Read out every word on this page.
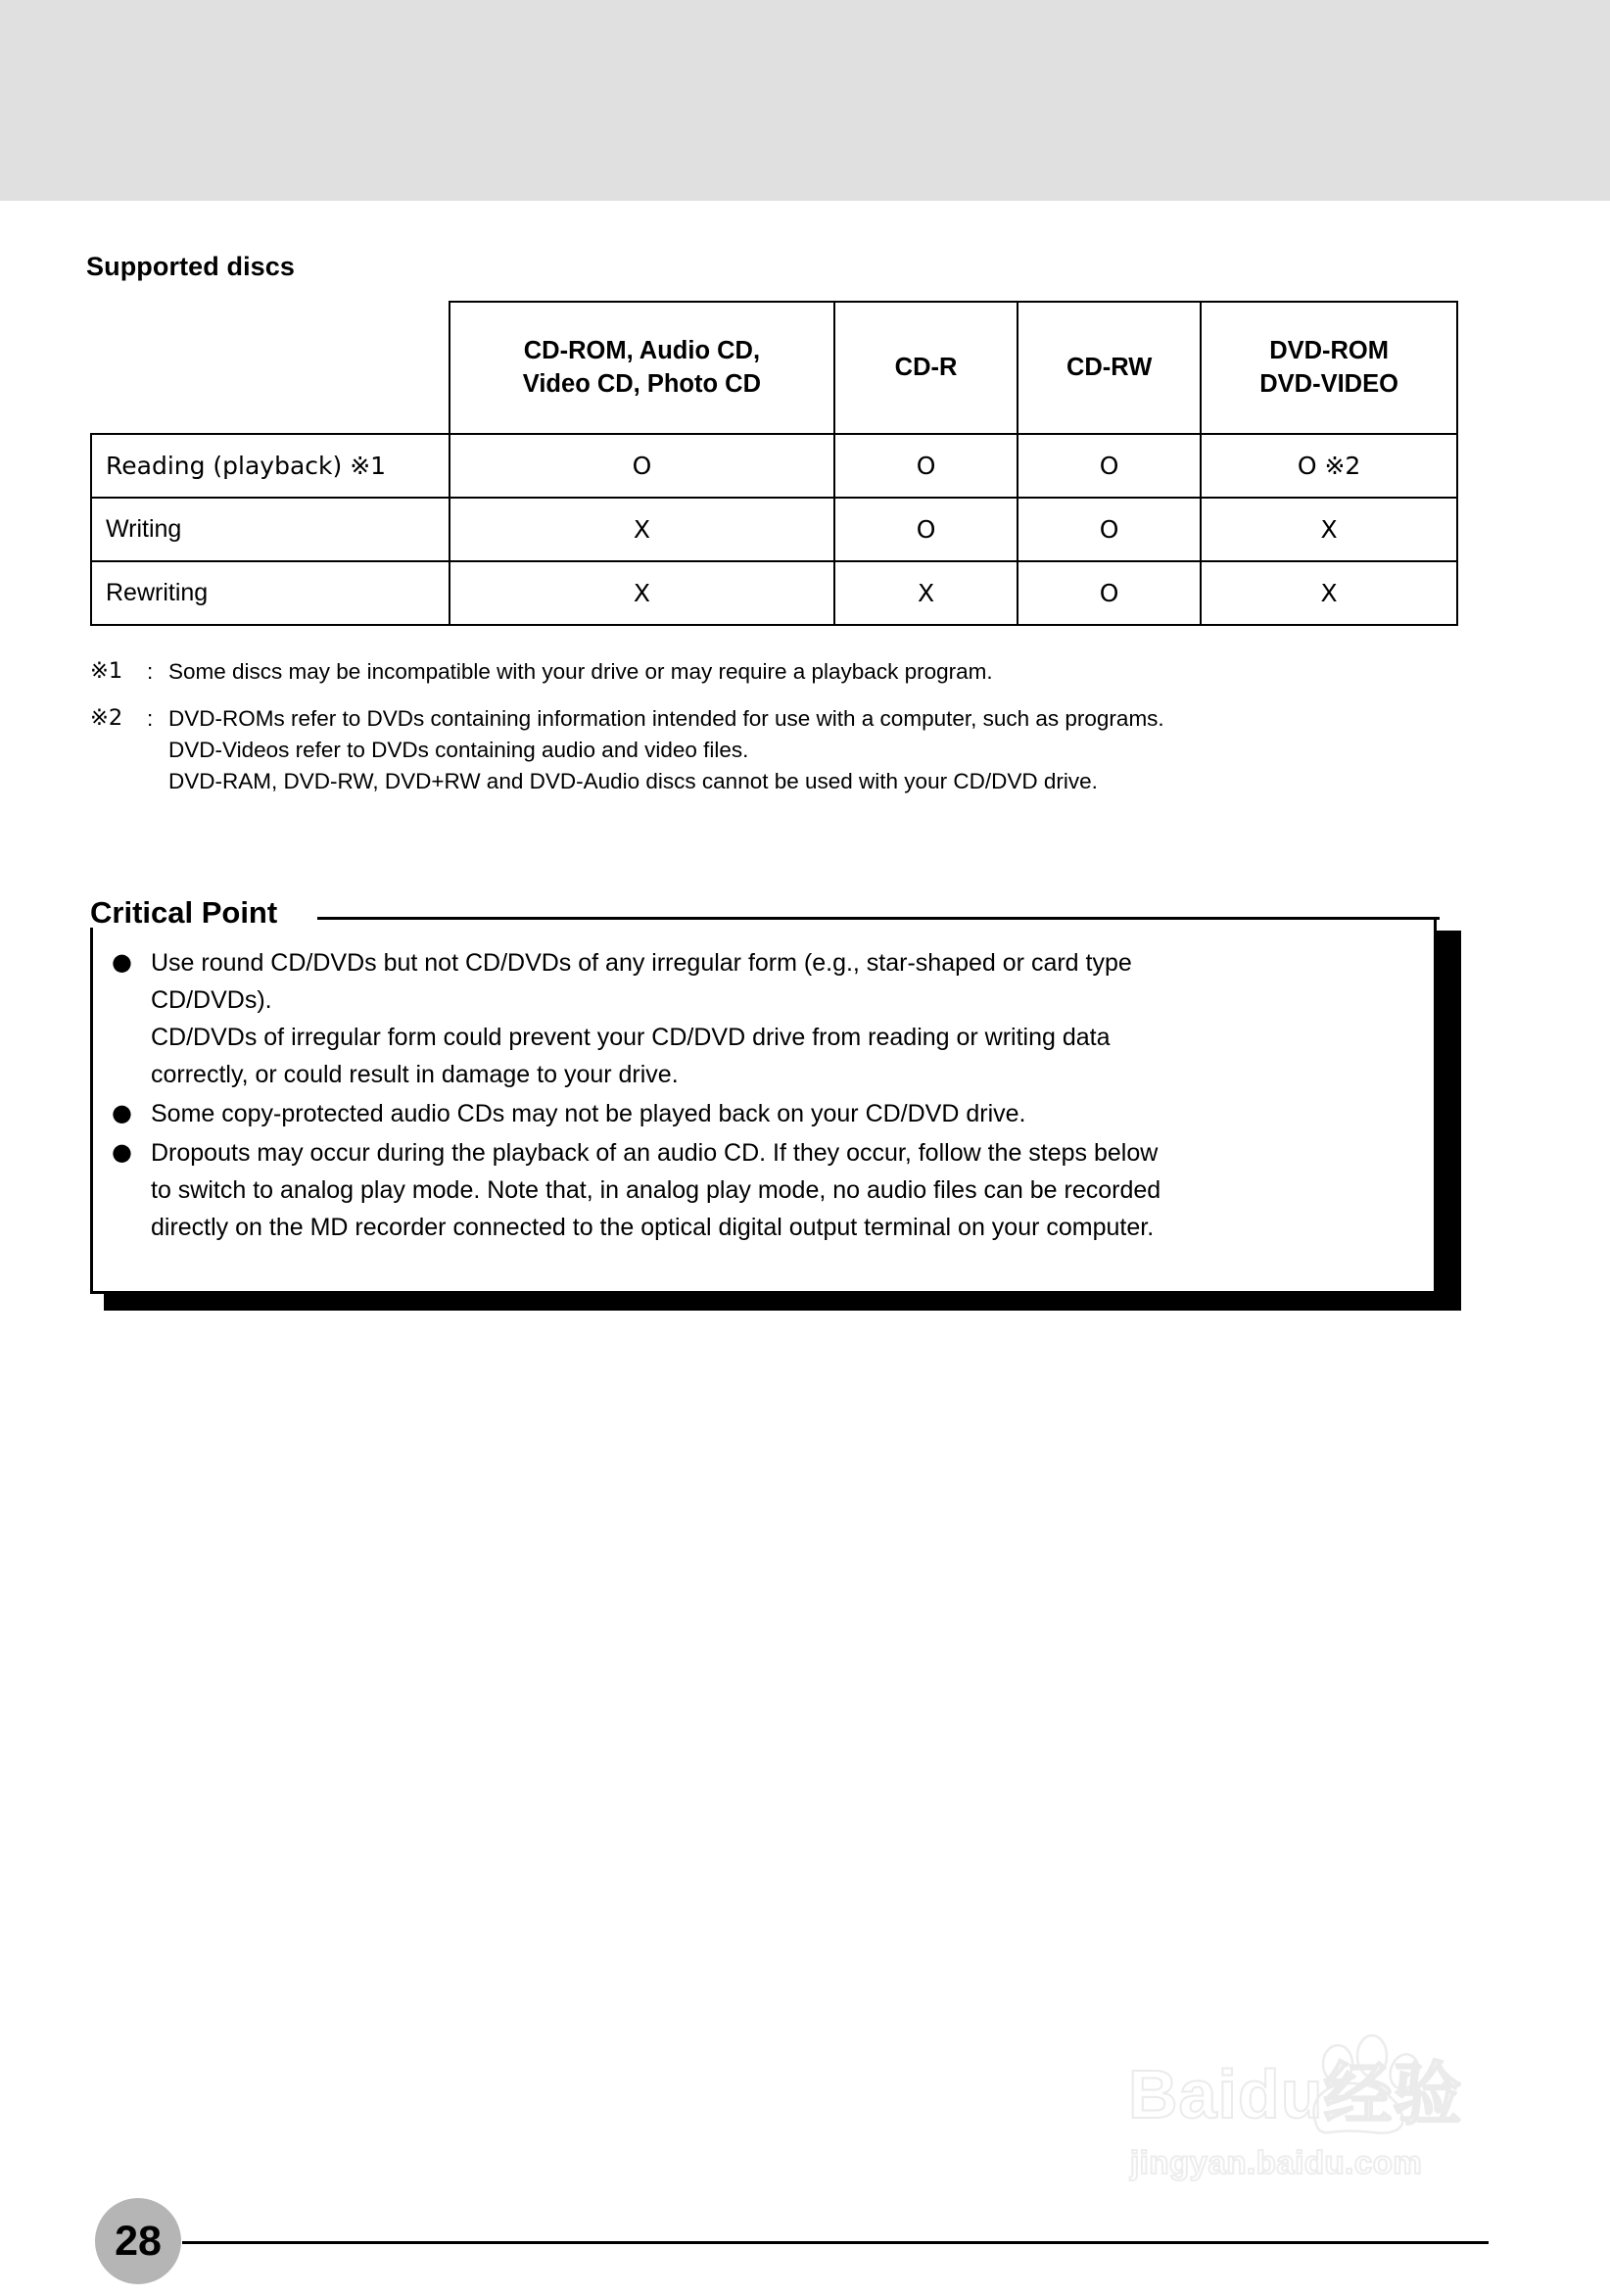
Supported discs

	CD-ROM, Audio CD,
Video CD, Photo CD	CD-R	CD-RW	DVD-ROM
DVD-VIDEO

Reading (playback) ※1	O	O	O	O ※2
Writing	X	O	O	X
Rewriting	X	X	O	X
※1	: Some discs may be incompatible with your drive or may require a playback program.
※2	: DVD-ROMs refer to DVDs containing information intended for use with a computer, such as programs.
DVD-Videos refer to DVDs containing audio and video files.
DVD-RAM, DVD-RW, DVD+RW and DVD-Audio discs cannot be used with your CD/DVD drive.
Critical Point
● Use round CD/DVDs but not CD/DVDs of any irregular form (e.g., star-shaped or card type
CD/DVDs).
CD/DVDs of irregular form could prevent your CD/DVD drive from reading or writing data
correctly, or could result in damage to your drive.
● Some copy-protected audio CDs may not be played back on your CD/DVD drive.
● Dropouts may occur during the playback of an audio CD. If they occur, follow the steps below
to switch to analog play mode. Note that, in analog play mode, no audio files can be recorded
directly on the MD recorder connected to the optical digital output terminal on your computer.
Baidu经验
jingyan.baidu.com
28
